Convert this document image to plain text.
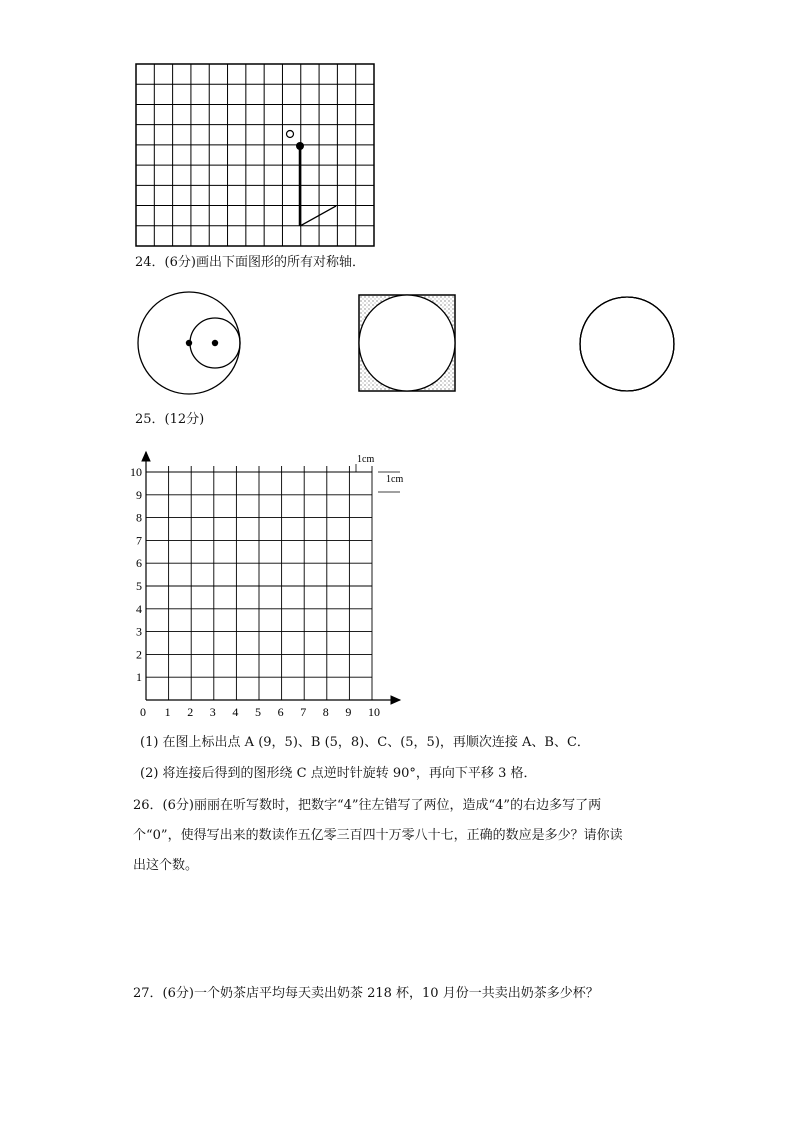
24．(6分)画出下面图形的所有对称轴．
25．(12分)
0 1 2 3 4 5 6 7 8 9 10
1
2
3
4
5
6
7
8
9
10
1cm
1cm
(1) 在图上标出点 A (9，5)、B (5，8)、C、(5，5)，再顺次连接 A、B、C．
(2) 将连接后得到的图形绕 C 点逆时针旋转 90°，再向下平移 3 格．
26．(6分)丽丽在听写数时，把数字“4”往左错写了两位，造成“4”的右边多写了两
个“0”，使得写出来的数读作五亿零三百四十万零八十七，正确的数应是多少？请你读
出这个数。
27．(6分)一个奶茶店平均每天卖出奶茶 218 杯，10 月份一共卖出奶茶多少杯？
